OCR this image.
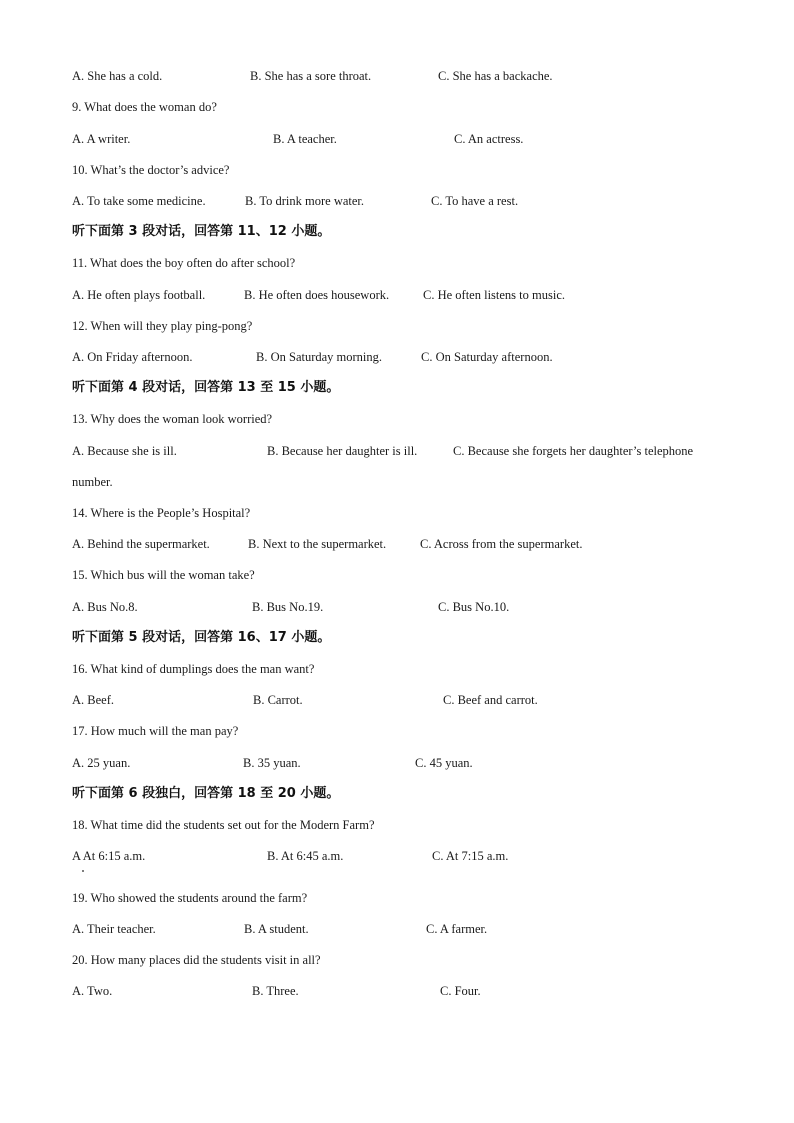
A. She has a cold.	B. She has a sore throat.	C. She has a backache.
9. What does the woman do?
A. A writer.	B. A teacher.	C. An actress.
10. What’s the doctor’s advice?
A. To take some medicine.	B. To drink more water.	C. To have a rest.
听下面第 3 段对话，回答第 11、12 小题。
11. What does the boy often do after school?
A. He often plays football.	B. He often does housework.	C. He often listens to music.
12. When will they play ping-pong?
A. On Friday afternoon.	B. On Saturday morning.	C. On Saturday afternoon.
听下面第 4 段对话，回答第 13 至 15 小题。
13. Why does the woman look worried?
A. Because she is ill.	B. Because her daughter is ill.	C. Because she forgets her daughter’s telephone
number.
14. Where is the People’s Hospital?
A. Behind the supermarket.	B. Next to the supermarket.	C. Across from the supermarket.
15. Which bus will the woman take?
A. Bus No.8.	B. Bus No.19.	C. Bus No.10.
听下面第 5 段对话，回答第 16、17 小题。
16. What kind of dumplings does the man want?
A. Beef.	B. Carrot.	C. Beef and carrot.
17. How much will the man pay?
A. 25 yuan.	B. 35 yuan.	C. 45 yuan.
听下面第 6 段独白，回答第 18 至 20 小题。
18. What time did the students set out for the Modern Farm?
A At 6:15 a.m.	B. At 6:45 a.m.	C. At 7:15 a.m.
19. Who showed the students around the farm?
A. Their teacher.	B. A student.	C. A farmer.
20. How many places did the students visit in all?
A. Two.	B. Three.	C. Four.
